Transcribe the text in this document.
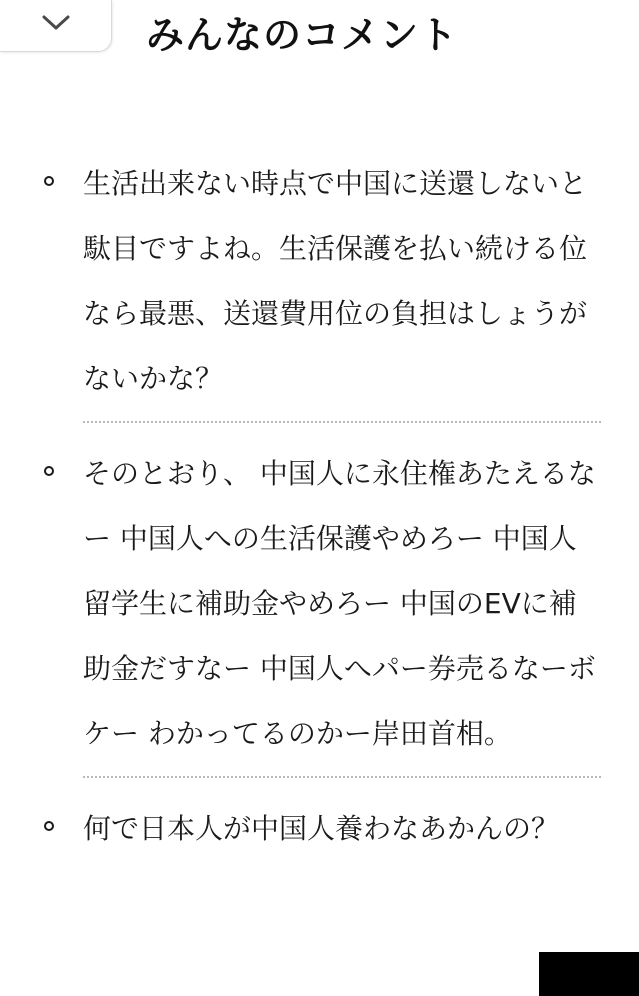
みんなのコメント
生活出来ない時点で中国に送還しないと駄目ですよね。生活保護を払い続ける位なら最悪、送還費用位の負担はしょうがないかな？
そのとおり、 中国人に永住権あたえるなー 中国人への生活保護やめろー 中国人留学生に補助金やめろー 中国のEVに補助金だすなー 中国人へパー券売るなーボケー わかってるのかー岸田首相。
何で日本人が中国人養わなあかんの？
